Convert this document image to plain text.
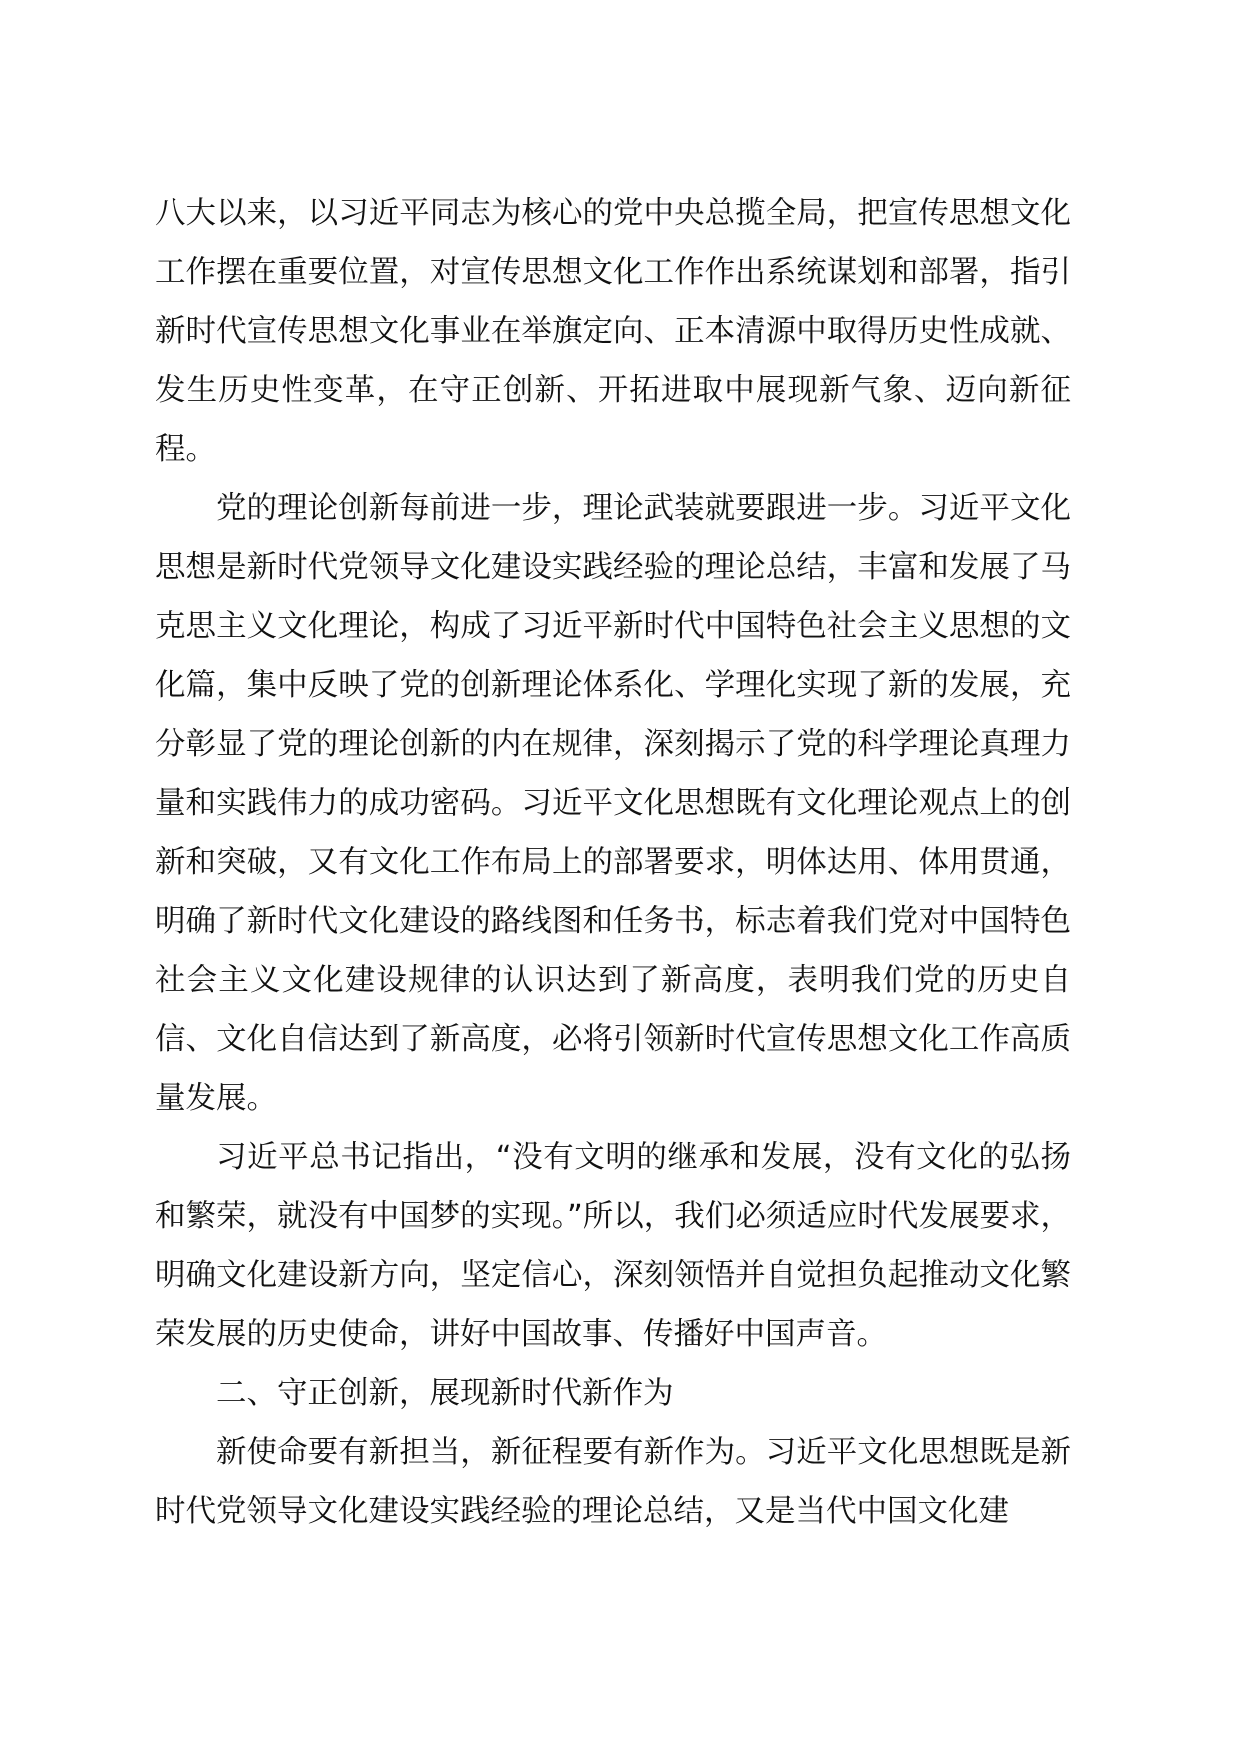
八大以来，以习近平同志为核心的党中央总揽全局，把宣传思想文化工作摆在重要位置，对宣传思想文化工作作出系统谋划和部署，指引新时代宣传思想文化事业在举旗定向、正本清源中取得历史性成就、发生历史性变革，在守正创新、开拓进取中展现新气象、迈向新征程。

党的理论创新每前进一步，理论武装就要跟进一步。习近平文化思想是新时代党领导文化建设实践经验的理论总结，丰富和发展了马克思主义文化理论，构成了习近平新时代中国特色社会主义思想的文化篇，集中反映了党的创新理论体系化、学理化实现了新的发展，充分彰显了党的理论创新的内在规律，深刻揭示了党的科学理论真理力量和实践伟力的成功密码。习近平文化思想既有文化理论观点上的创新和突破，又有文化工作布局上的部署要求，明体达用、体用贯通，明确了新时代文化建设的路线图和任务书，标志着我们党对中国特色社会主义文化建设规律的认识达到了新高度，表明我们党的历史自信、文化自信达到了新高度，必将引领新时代宣传思想文化工作高质量发展。

习近平总书记指出，“没有文明的继承和发展，没有文化的弘扬和繁荣，就没有中国梦的实现。”所以，我们必须适应时代发展要求，明确文化建设新方向，坚定信心，深刻领悟并自觉担负起推动文化繁荣发展的历史使命，讲好中国故事、传播好中国声音。

二、守正创新，展现新时代新作为

新使命要有新担当，新征程要有新作为。习近平文化思想既是新时代党领导文化建设实践经验的理论总结，又是当代中国文化建
